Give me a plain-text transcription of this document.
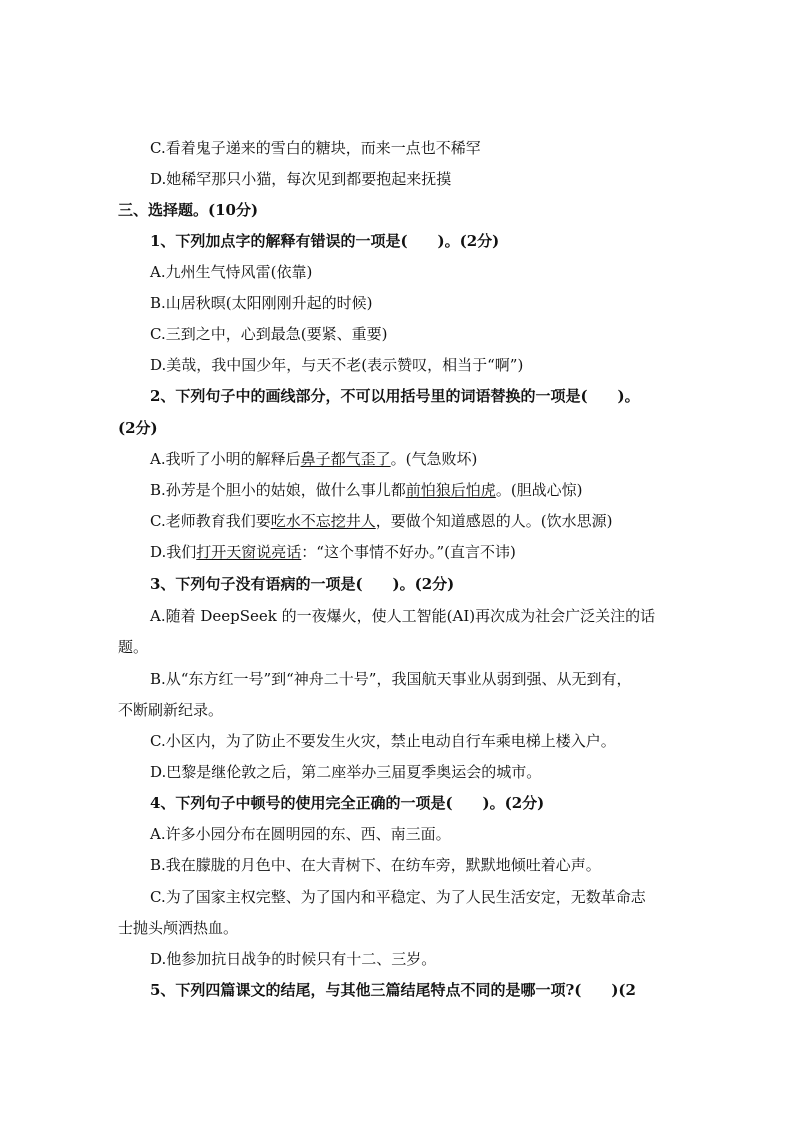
C.看着鬼子递来的雪白的糖块，而来一点也不稀罕
D.她稀罕那只小猫，每次见到都要抱起来抚摸
三、选择题。(10分)
1、下列加点字的解释有错误的一项是(　　)。(2分)
A.九州生气恃风雷(依靠)
B.山居秋暝(太阳刚刚升起的时候)
C.三到之中，心到最急(要紧、重要)
D.美哉，我中国少年，与天不老(表示赞叹，相当于“啊”)
2、下列句子中的画线部分，不可以用括号里的词语替换的一项是(　　)。
(2分)
A.我听了小明的解释后鼻子都气歪了。(气急败坏)
B.孙芳是个胆小的姑娘，做什么事儿都前怕狼后怕虎。(胆战心惊)
C.老师教育我们要吃水不忘挖井人，要做个知道感恩的人。(饮水思源)
D.我们打开天窗说亮话：“这个事情不好办。”(直言不讳)
3、下列句子没有语病的一项是(　　)。(2分)
A.随着 DeepSeek 的一夜爆火，使人工智能(AI)再次成为社会广泛关注的话
题。
B.从“东方红一号”到“神舟二十号”，我国航天事业从弱到强、从无到有，
不断刷新纪录。
C.小区内，为了防止不要发生火灾，禁止电动自行车乘电梯上楼入户。
D.巴黎是继伦敦之后，第二座举办三届夏季奥运会的城市。
4、下列句子中顿号的使用完全正确的一项是(　　)。(2分)
A.许多小园分布在圆明园的东、西、南三面。
B.我在朦胧的月色中、在大青树下、在纺车旁，默默地倾吐着心声。
C.为了国家主权完整、为了国内和平稳定、为了人民生活安定，无数革命志
士抛头颅洒热血。
D.他参加抗日战争的时候只有十二、三岁。
5、下列四篇课文的结尾，与其他三篇结尾特点不同的是哪一项?(　　)(2
